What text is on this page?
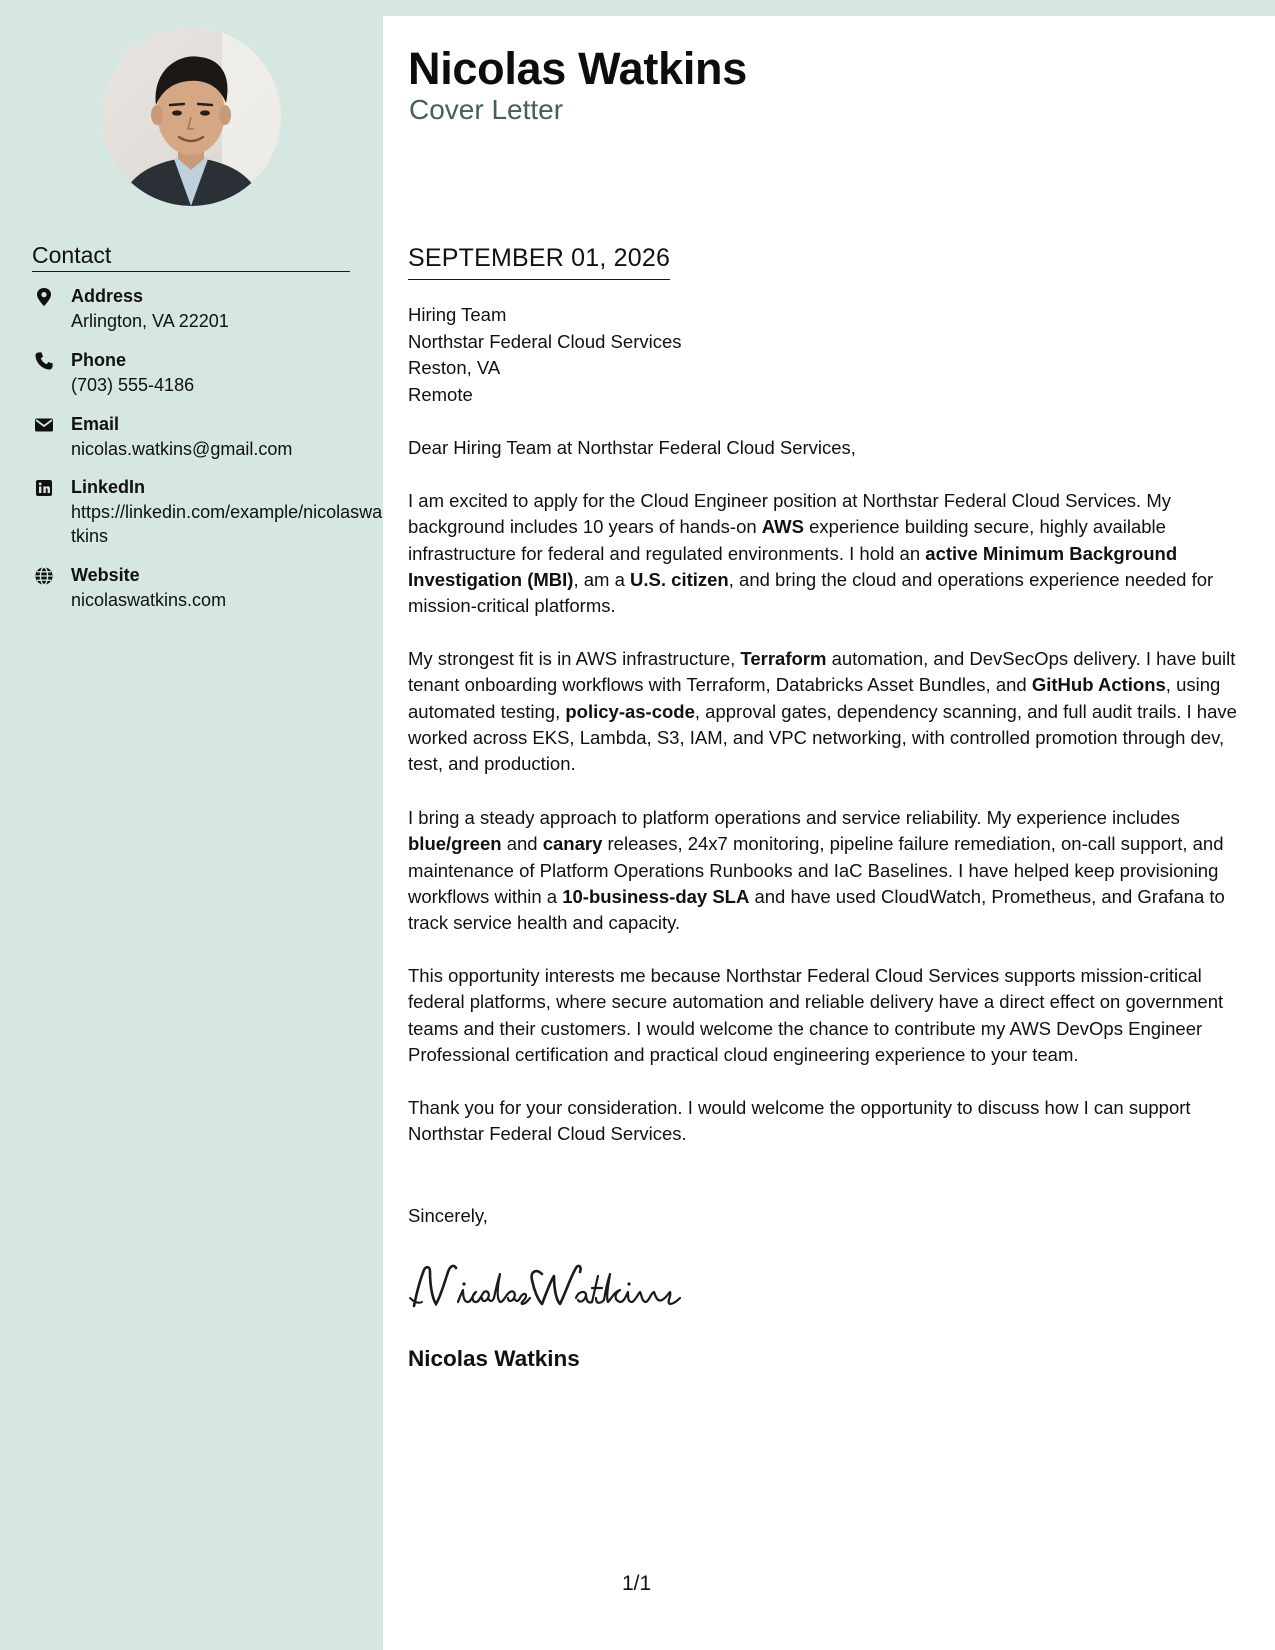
Contact
Address
Arlington, VA 22201
Phone
(703) 555-4186
Email
nicolas.watkins@gmail.com
LinkedIn
https://linkedin.com/example/nicolaswatkins
Website
nicolaswatkins.com
Nicolas Watkins
Cover Letter
SEPTEMBER 01, 2026
Hiring Team
Northstar Federal Cloud Services
Reston, VA
Remote
Dear Hiring Team at Northstar Federal Cloud Services,
I am excited to apply for the Cloud Engineer position at Northstar Federal Cloud Services. My background includes 10 years of hands-on AWS experience building secure, highly available infrastructure for federal and regulated environments. I hold an active Minimum Background Investigation (MBI), am a U.S. citizen, and bring the cloud and operations experience needed for mission-critical platforms.
My strongest fit is in AWS infrastructure, Terraform automation, and DevSecOps delivery. I have built tenant onboarding workflows with Terraform, Databricks Asset Bundles, and GitHub Actions, using automated testing, policy-as-code, approval gates, dependency scanning, and full audit trails. I have worked across EKS, Lambda, S3, IAM, and VPC networking, with controlled promotion through dev, test, and production.
I bring a steady approach to platform operations and service reliability. My experience includes blue/green and canary releases, 24x7 monitoring, pipeline failure remediation, on-call support, and maintenance of Platform Operations Runbooks and IaC Baselines. I have helped keep provisioning workflows within a 10-business-day SLA and have used CloudWatch, Prometheus, and Grafana to track service health and capacity.
This opportunity interests me because Northstar Federal Cloud Services supports mission-critical federal platforms, where secure automation and reliable delivery have a direct effect on government teams and their customers. I would welcome the chance to contribute my AWS DevOps Engineer Professional certification and practical cloud engineering experience to your team.
Thank you for your consideration. I would welcome the opportunity to discuss how I can support Northstar Federal Cloud Services.
Sincerely,
Nicolas Watkins
1/1
